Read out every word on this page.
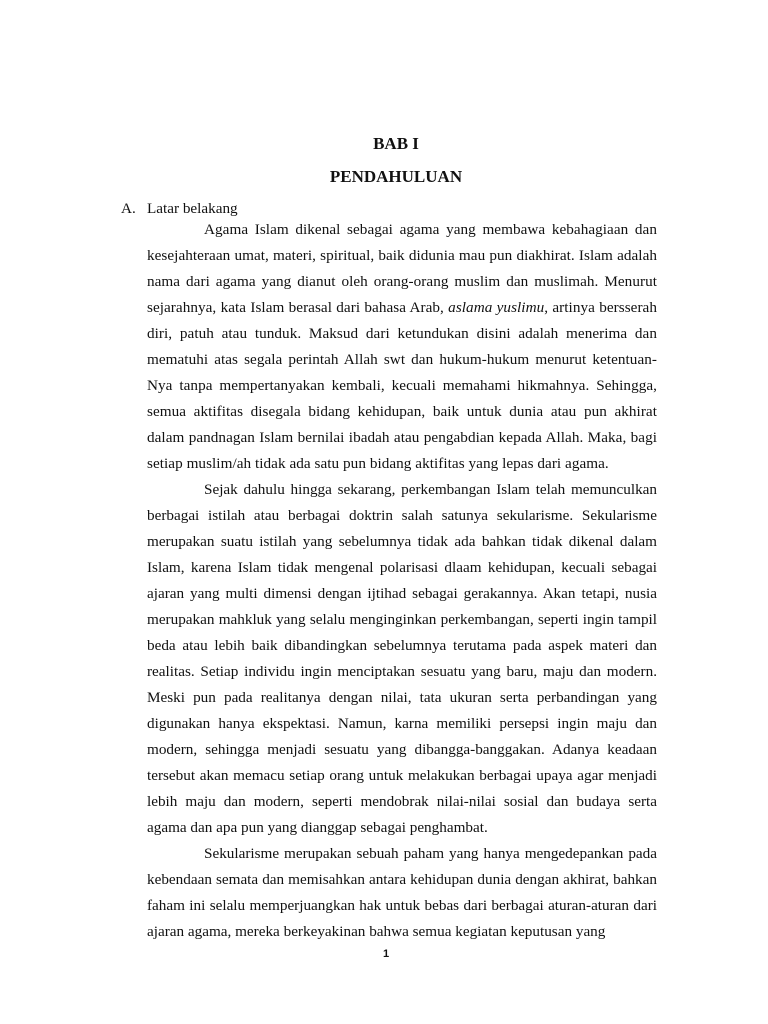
BAB I
PENDAHULUAN
A. Latar belakang

Agama Islam dikenal sebagai agama yang membawa kebahagiaan dan kesejahteraan umat, materi, spiritual, baik didunia mau pun diakhirat. Islam adalah nama dari agama yang dianut oleh orang-orang muslim dan muslimah. Menurut sejarahnya, kata Islam berasal dari bahasa Arab, aslama yuslimu, artinya bersserah diri, patuh atau tunduk. Maksud dari ketundukan disini adalah menerima dan mematuhi atas segala perintah Allah swt dan hukum-hukum menurut ketentuan-Nya tanpa mempertanyakan kembali, kecuali memahami hikmahnya. Sehingga, semua aktifitas disegala bidang kehidupan, baik untuk dunia atau pun akhirat dalam pandnagan Islam bernilai ibadah atau pengabdian kepada Allah. Maka, bagi setiap muslim/ah tidak ada satu pun bidang aktifitas yang lepas dari agama.

Sejak dahulu hingga sekarang, perkembangan Islam telah memunculkan berbagai istilah atau berbagai doktrin salah satunya sekularisme. Sekularisme merupakan suatu istilah yang sebelumnya tidak ada bahkan tidak dikenal dalam Islam, karena Islam tidak mengenal polarisasi dlaam kehidupan, kecuali sebagai ajaran yang multi dimensi dengan ijtihad sebagai gerakannya. Akan tetapi, nusia merupakan mahkluk yang selalu menginginkan perkembangan, seperti ingin tampil beda atau lebih baik dibandingkan sebelumnya terutama pada aspek materi dan realitas. Setiap individu ingin menciptakan sesuatu yang baru, maju dan modern. Meski pun pada realitanya dengan nilai, tata ukuran serta perbandingan yang digunakan hanya ekspektasi. Namun, karna memiliki persepsi ingin maju dan modern, sehingga menjadi sesuatu yang dibangga-banggakan. Adanya keadaan tersebut akan memacu setiap orang untuk melakukan berbagai upaya agar menjadi lebih maju dan modern, seperti mendobrak nilai-nilai sosial dan budaya serta agama dan apa pun yang dianggap sebagai penghambat.

Sekularisme merupakan sebuah paham yang hanya mengedepankan pada kebendaan semata dan memisahkan antara kehidupan dunia dengan akhirat, bahkan faham ini selalu memperjuangkan hak untuk bebas dari berbagai aturan-aturan dari ajaran agama, mereka berkeyakinan bahwa semua kegiatan keputusan yang

1
